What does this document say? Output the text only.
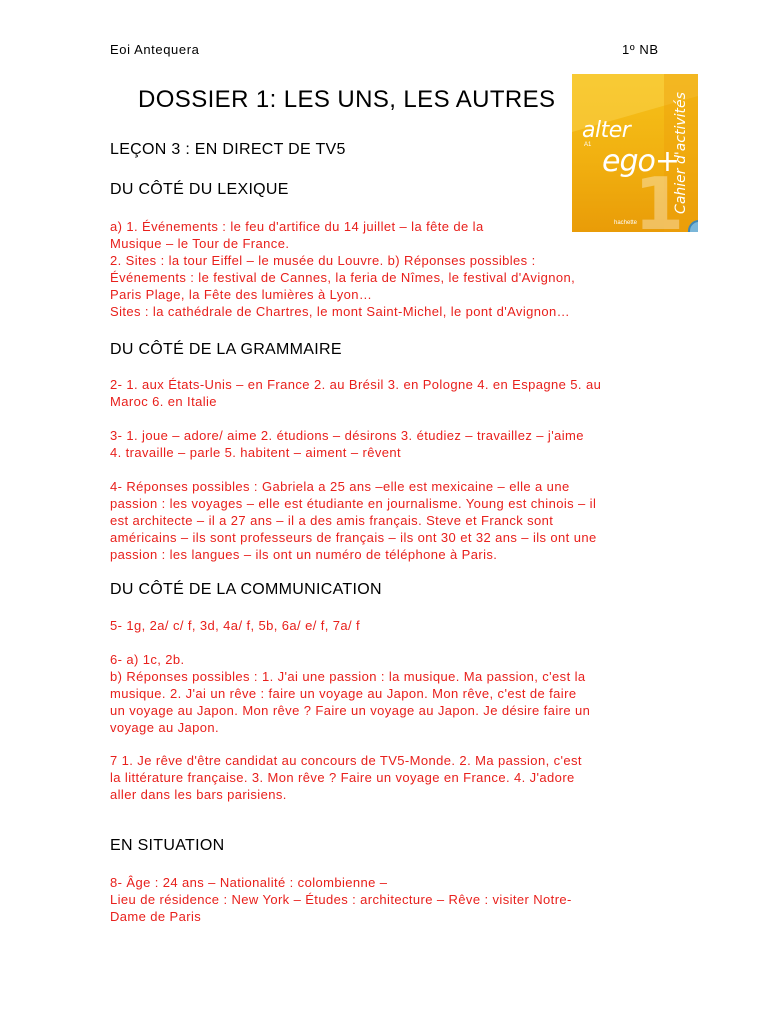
Eoi Antequera	1º NB
DOSSIER 1: LES UNS, LES AUTRES
1
alter
A1 ego+
Cahier d'activités
hachette
LEÇON 3 : EN DIRECT DE TV5
DU CÔTÉ DU LEXIQUE
a) 1. Événements : le feu d'artifice du 14 juillet – la fête de la
Musique – le Tour de France.
2. Sites : la tour Eiffel – le musée du Louvre. b) Réponses possibles :
Événements : le festival de Cannes, la feria de Nîmes, le festival d'Avignon,
Paris Plage, la Fête des lumières à Lyon…
Sites : la cathédrale de Chartres, le mont Saint-Michel, le pont d'Avignon…
DU CÔTÉ DE LA GRAMMAIRE
2- 1. aux États-Unis – en France 2. au Brésil 3. en Pologne 4. en Espagne 5. au
Maroc 6. en Italie
3- 1. joue – adore/ aime 2. étudions – désirons 3. étudiez – travaillez – j'aime
4. travaille – parle 5. habitent – aiment – rêvent
4- Réponses possibles : Gabriela a 25 ans –elle est mexicaine – elle a une
passion : les voyages – elle est étudiante en journalisme. Young est chinois – il
est architecte – il a 27 ans – il a des amis français. Steve et Franck sont
américains – ils sont professeurs de français – ils ont 30 et 32 ans – ils ont une
passion : les langues – ils ont un numéro de téléphone à Paris.
DU CÔTÉ DE LA COMMUNICATION
5- 1g, 2a/ c/ f, 3d, 4a/ f, 5b, 6a/ e/ f, 7a/ f
6- a) 1c, 2b.
b) Réponses possibles : 1. J'ai une passion : la musique. Ma passion, c'est la
musique. 2. J'ai un rêve : faire un voyage au Japon. Mon rêve, c'est de faire
un voyage au Japon. Mon rêve ? Faire un voyage au Japon. Je désire faire un
voyage au Japon.
7 1. Je rêve d'être candidat au concours de TV5-Monde. 2. Ma passion, c'est
la littérature française. 3. Mon rêve ? Faire un voyage en France. 4. J'adore
aller dans les bars parisiens.
EN SITUATION
8- Âge : 24 ans – Nationalité : colombienne –
Lieu de résidence : New York – Études : architecture – Rêve : visiter Notre-
Dame de Paris
